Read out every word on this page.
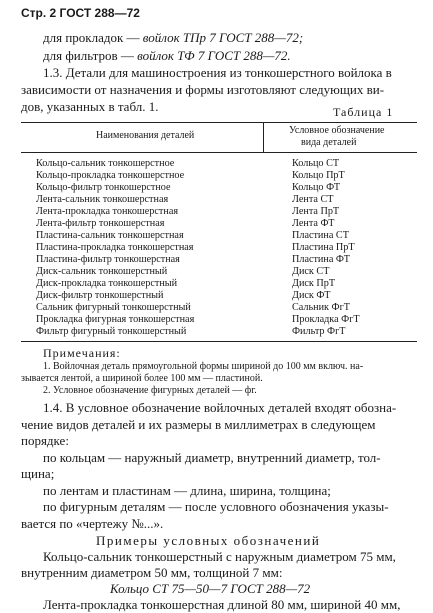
Стр. 2 ГОСТ 288—72
для прокладок — войлок ТПр 7 ГОСТ 288—72;
для фильтров — войлок ТФ 7 ГОСТ 288—72.
1.3. Детали для машиностроения из тонкошерстного войлока в
зависимости от назначения и формы изготовляют следующих ви-
дов, указанных в табл. 1.	Таблица 1
Наименования деталей	Условное обозначение
вида деталей
Кольцо-сальник тонкошерстное	Кольцо СТ
Кольцо-прокладка тонкошерстное	Кольцо ПрТ
Кольцо-фильтр тонкошерстное	Кольцо ФТ
Лента-сальник тонкошерстная	Лента СТ
Лента-прокладка тонкошерстная	Лента ПрТ
Лента-фильтр тонкошерстная	Лента ФТ
Пластина-сальник тонкошерстная	Пластина СТ
Пластина-прокладка тонкошерстная	Пластина ПрТ
Пластина-фильтр тонкошерстная	Пластина ФТ
Диск-сальник тонкошерстный	Диск СТ
Диск-прокладка тонкошерстный	Диск ПрТ
Диск-фильтр тонкошерстный	Диск ФТ
Сальник фигурный тонкошерстный	Сальник ФгТ
Прокладка фигурная тонкошерстная	Прокладка ФгТ
Фильтр фигурный тонкошерстный	Фильтр ФгТ
Примечания:
1. Войлочная деталь прямоугольной формы шириной до 100 мм включ. на-
зывается лентой, а шириной более 100 мм — пластиной.
2. Условное обозначение фигурных деталей — фг.
1.4. В условное обозначение войлочных деталей входят обозна-
чение видов деталей и их размеры в миллиметрах в следующем
порядке:
по кольцам — наружный диаметр, внутренний диаметр, тол-
щина;
по лентам и пластинам — длина, ширина, толщина;
по фигурным деталям — после условного обозначения указы-
вается по «чертежу №...».
Примеры условных обозначений
Кольцо-сальник тонкошерстный с наружным диаметром 75 мм,
внутренним диаметром 50 мм, толщиной 7 мм:
Кольцо СТ 75—50—7 ГОСТ 288—72
Лента-прокладка тонкошерстная длиной 80 мм, шириной 40 мм,
